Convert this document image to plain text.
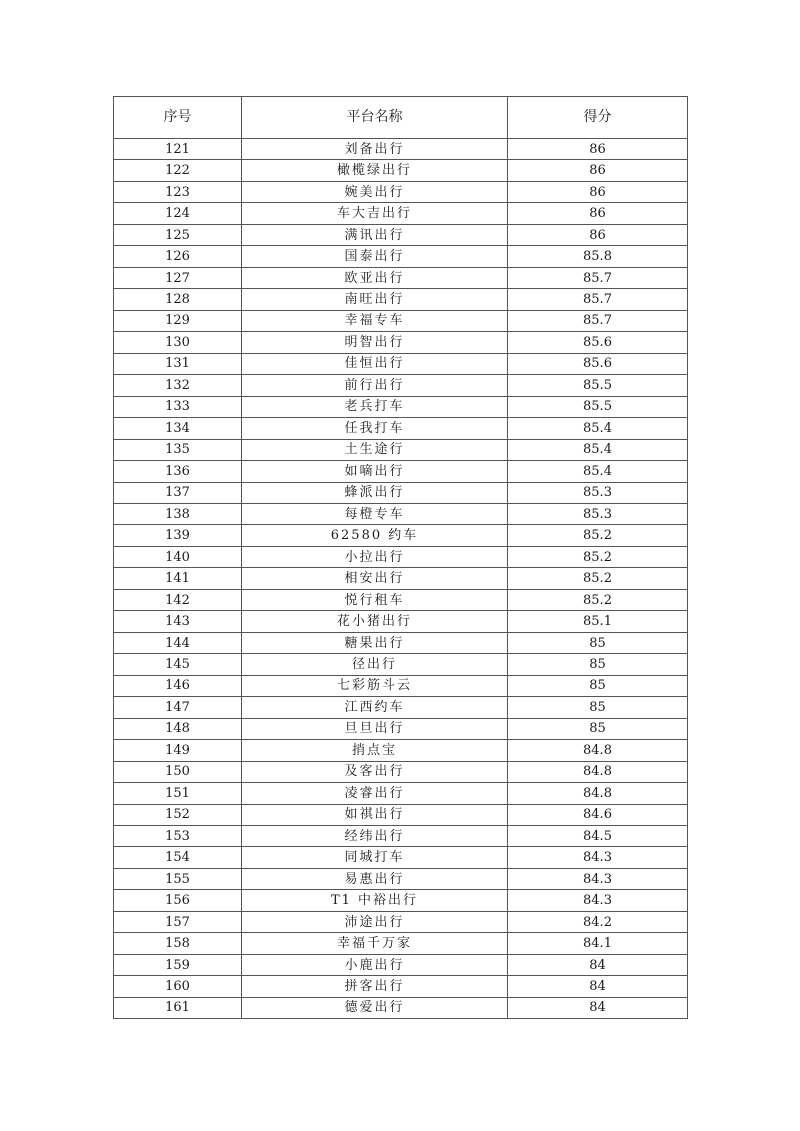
序号	平台名称	得分
121	刘备出行	86
122	橄榄绿出行	86
123	婉美出行	86
124	车大吉出行	86
125	满讯出行	86
126	国泰出行	85.8
127	欧亚出行	85.7
128	南旺出行	85.7
129	幸福专车	85.7
130	明智出行	85.6
131	佳恒出行	85.6
132	前行出行	85.5
133	老兵打车	85.5
134	任我打车	85.4
135	土生途行	85.4
136	如嘀出行	85.4
137	蜂派出行	85.3
138	每橙专车	85.3
139	62580 约车	85.2
140	小拉出行	85.2
141	相安出行	85.2
142	悦行租车	85.2
143	花小猪出行	85.1
144	糖果出行	85
145	径出行	85
146	七彩筋斗云	85
147	江西约车	85
148	旦旦出行	85
149	捎点宝	84.8
150	及客出行	84.8
151	凌睿出行	84.8
152	如祺出行	84.6
153	经纬出行	84.5
154	同城打车	84.3
155	易惠出行	84.3
156	T1 中裕出行	84.3
157	沛途出行	84.2
158	幸福千万家	84.1
159	小鹿出行	84
160	拼客出行	84
161	德爱出行	84
